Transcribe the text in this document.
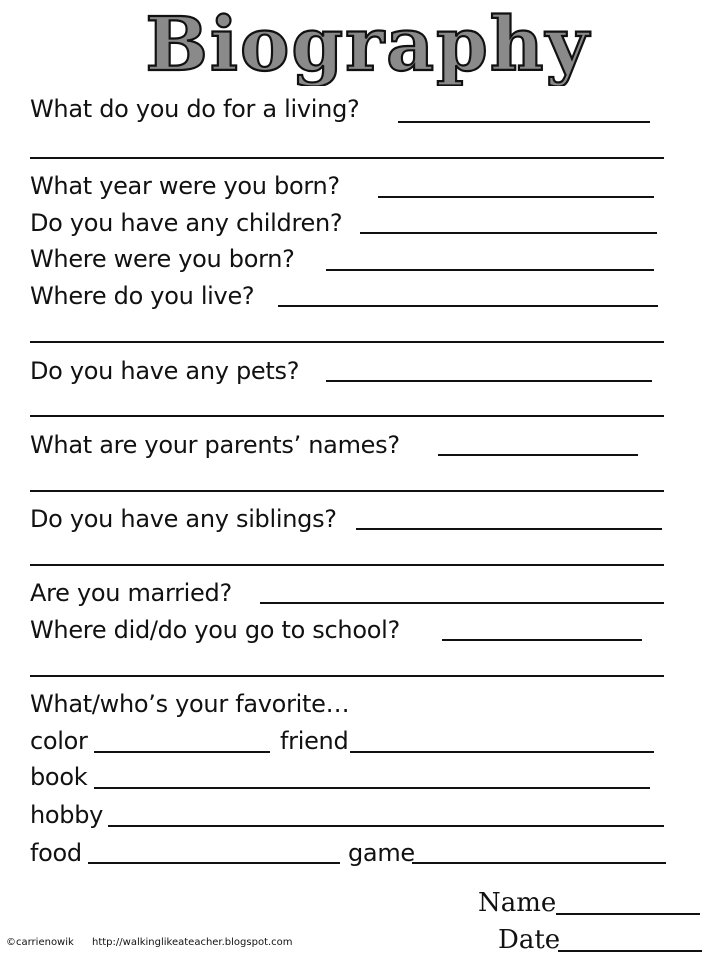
Biography
What do you do for a living?
What year were you born?
Do you have any children?
Where were you born?
Where do you live?
Do you have any pets?
What are your parents’ names?
Do you have any siblings?
Are you married?
Where did/do you go to school?
What/who’s your favorite…
color	friend
book
hobby
food	game
Name
Date
©carrienowik http://walkinglikeateacher.blogspot.com
